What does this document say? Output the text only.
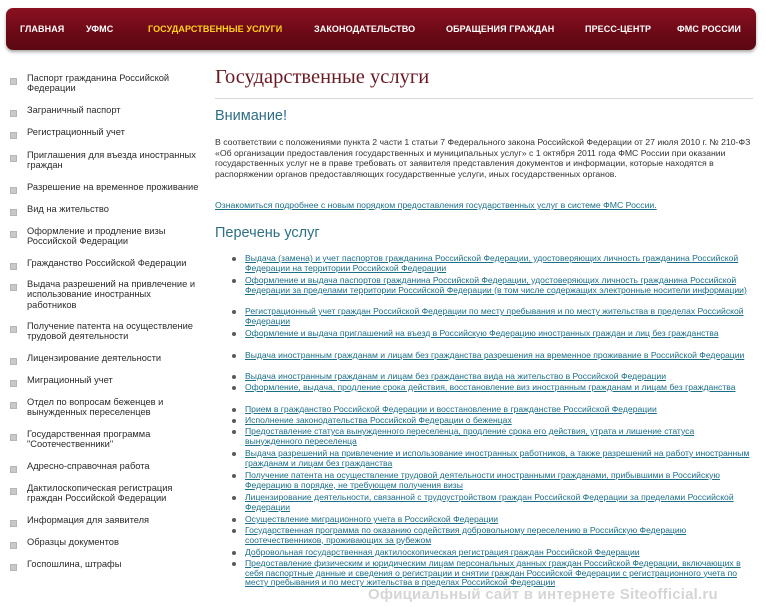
ГЛАВНАЯ УФМС	ГОСУДАРСТВЕННЫЕ УСЛУГИ	ЗАКОНОДАТЕЛЬСТВО	ОБРАЩЕНИЯ ГРАЖДАН	ПРЕСС-ЦЕНТР	ФМС РОССИИ
Паспорт гражданина Российской Федерации
Заграничный паспорт
Регистрационный учет
Приглашения для въезда иностранных граждан
Разрешение на временное проживание
Вид на жительство
Оформление и продление визы Российской Федерации
Гражданство Российской Федерации
Выдача разрешений на привлечение и использование иностранных работников
Получение патента на осуществление трудовой деятельности
Лицензирование деятельности
Миграционный учет
Отдел по вопросам беженцев и вынужденных переселенцев
Государственная программа "Соотечественники"
Адресно-справочная работа
Дактилоскопическая регистрация граждан Российской Федерации
Информация для заявителя
Образцы документов
Госпошлина, штрафы
Государственные услуги
Внимание!
В соответствии с положениями пункта 2 части 1 статьи 7 Федерального закона Российской Федерации от 27 июля 2010 г. № 210-ФЗ «Об организации предоставления государственных и муниципальных услуг» с 1 октября 2011 года ФМС России при оказании государственных услуг не в праве требовать от заявителя представления документов и информации, которые находятся в распоряжении органов предоставляющих государственные услуги, иных государственных органов.
Ознакомиться подробнее с новым порядком предоставления государственных услуг в системе ФМС России.
Перечень услуг
Выдача (замена) и учет паспортов гражданина Российской Федерации, удостоверяющих личность гражданина Российской Федерации на территории Российской Федерации
Оформление и выдача паспортов гражданина Российской Федерации, удостоверяющих личность гражданина Российской Федерации за пределами территории Российской Федерации (в том числе содержащих электронные носители информации)
Регистрационный учет граждан Российской Федерации по месту пребывания и по месту жительства в пределах Российской Федерации
Оформление и выдача приглашений на въезд в Российскую Федерацию иностранных граждан и лиц без гражданства
Выдача иностранным гражданам и лицам без гражданства разрешения на временное проживание в Российской Федерации
Выдача иностранным гражданам и лицам без гражданства вида на жительство в Российской Федерации
Оформление, выдача, продление срока действия, восстановление виз иностранным гражданам и лицам без гражданства
Прием в гражданство Российской Федерации и восстановление в гражданстве Российской Федерации
Исполнение законодательства Российской Федерации о беженцах
Предоставление статуса вынужденного переселенца, продление срока его действия, утрата и лишение статуса вынужденного переселенца
Выдача разрешений на привлечение и использование иностранных работников, а также разрешений на работу иностранным гражданам и лицам без гражданства
Получение патента на осуществление трудовой деятельности иностранными гражданами, прибывшими в Российскую Федерацию в порядке, не требующем получения визы
Лицензирование деятельности, связанной с трудоустройством граждан Российской Федерации за пределами Российской Федерации
Осуществление миграционного учета в Российской Федерации
Государственная программа по оказанию содействия добровольному переселению в Российскую Федерацию соотечественников, проживающих за рубежом
Добровольная государственная дактилоскопическая регистрация граждан Российской Федерации
Предоставление физическим и юридическим лицам персональных данных граждан Российской Федерации, включающих в себя паспортные данные и сведения о регистрации и снятии граждан Российской Федерации с регистрационного учета по месту пребывания и по месту жительства в пределах Российской Федерации
Официальный сайт в интернете Siteofficial.ru
